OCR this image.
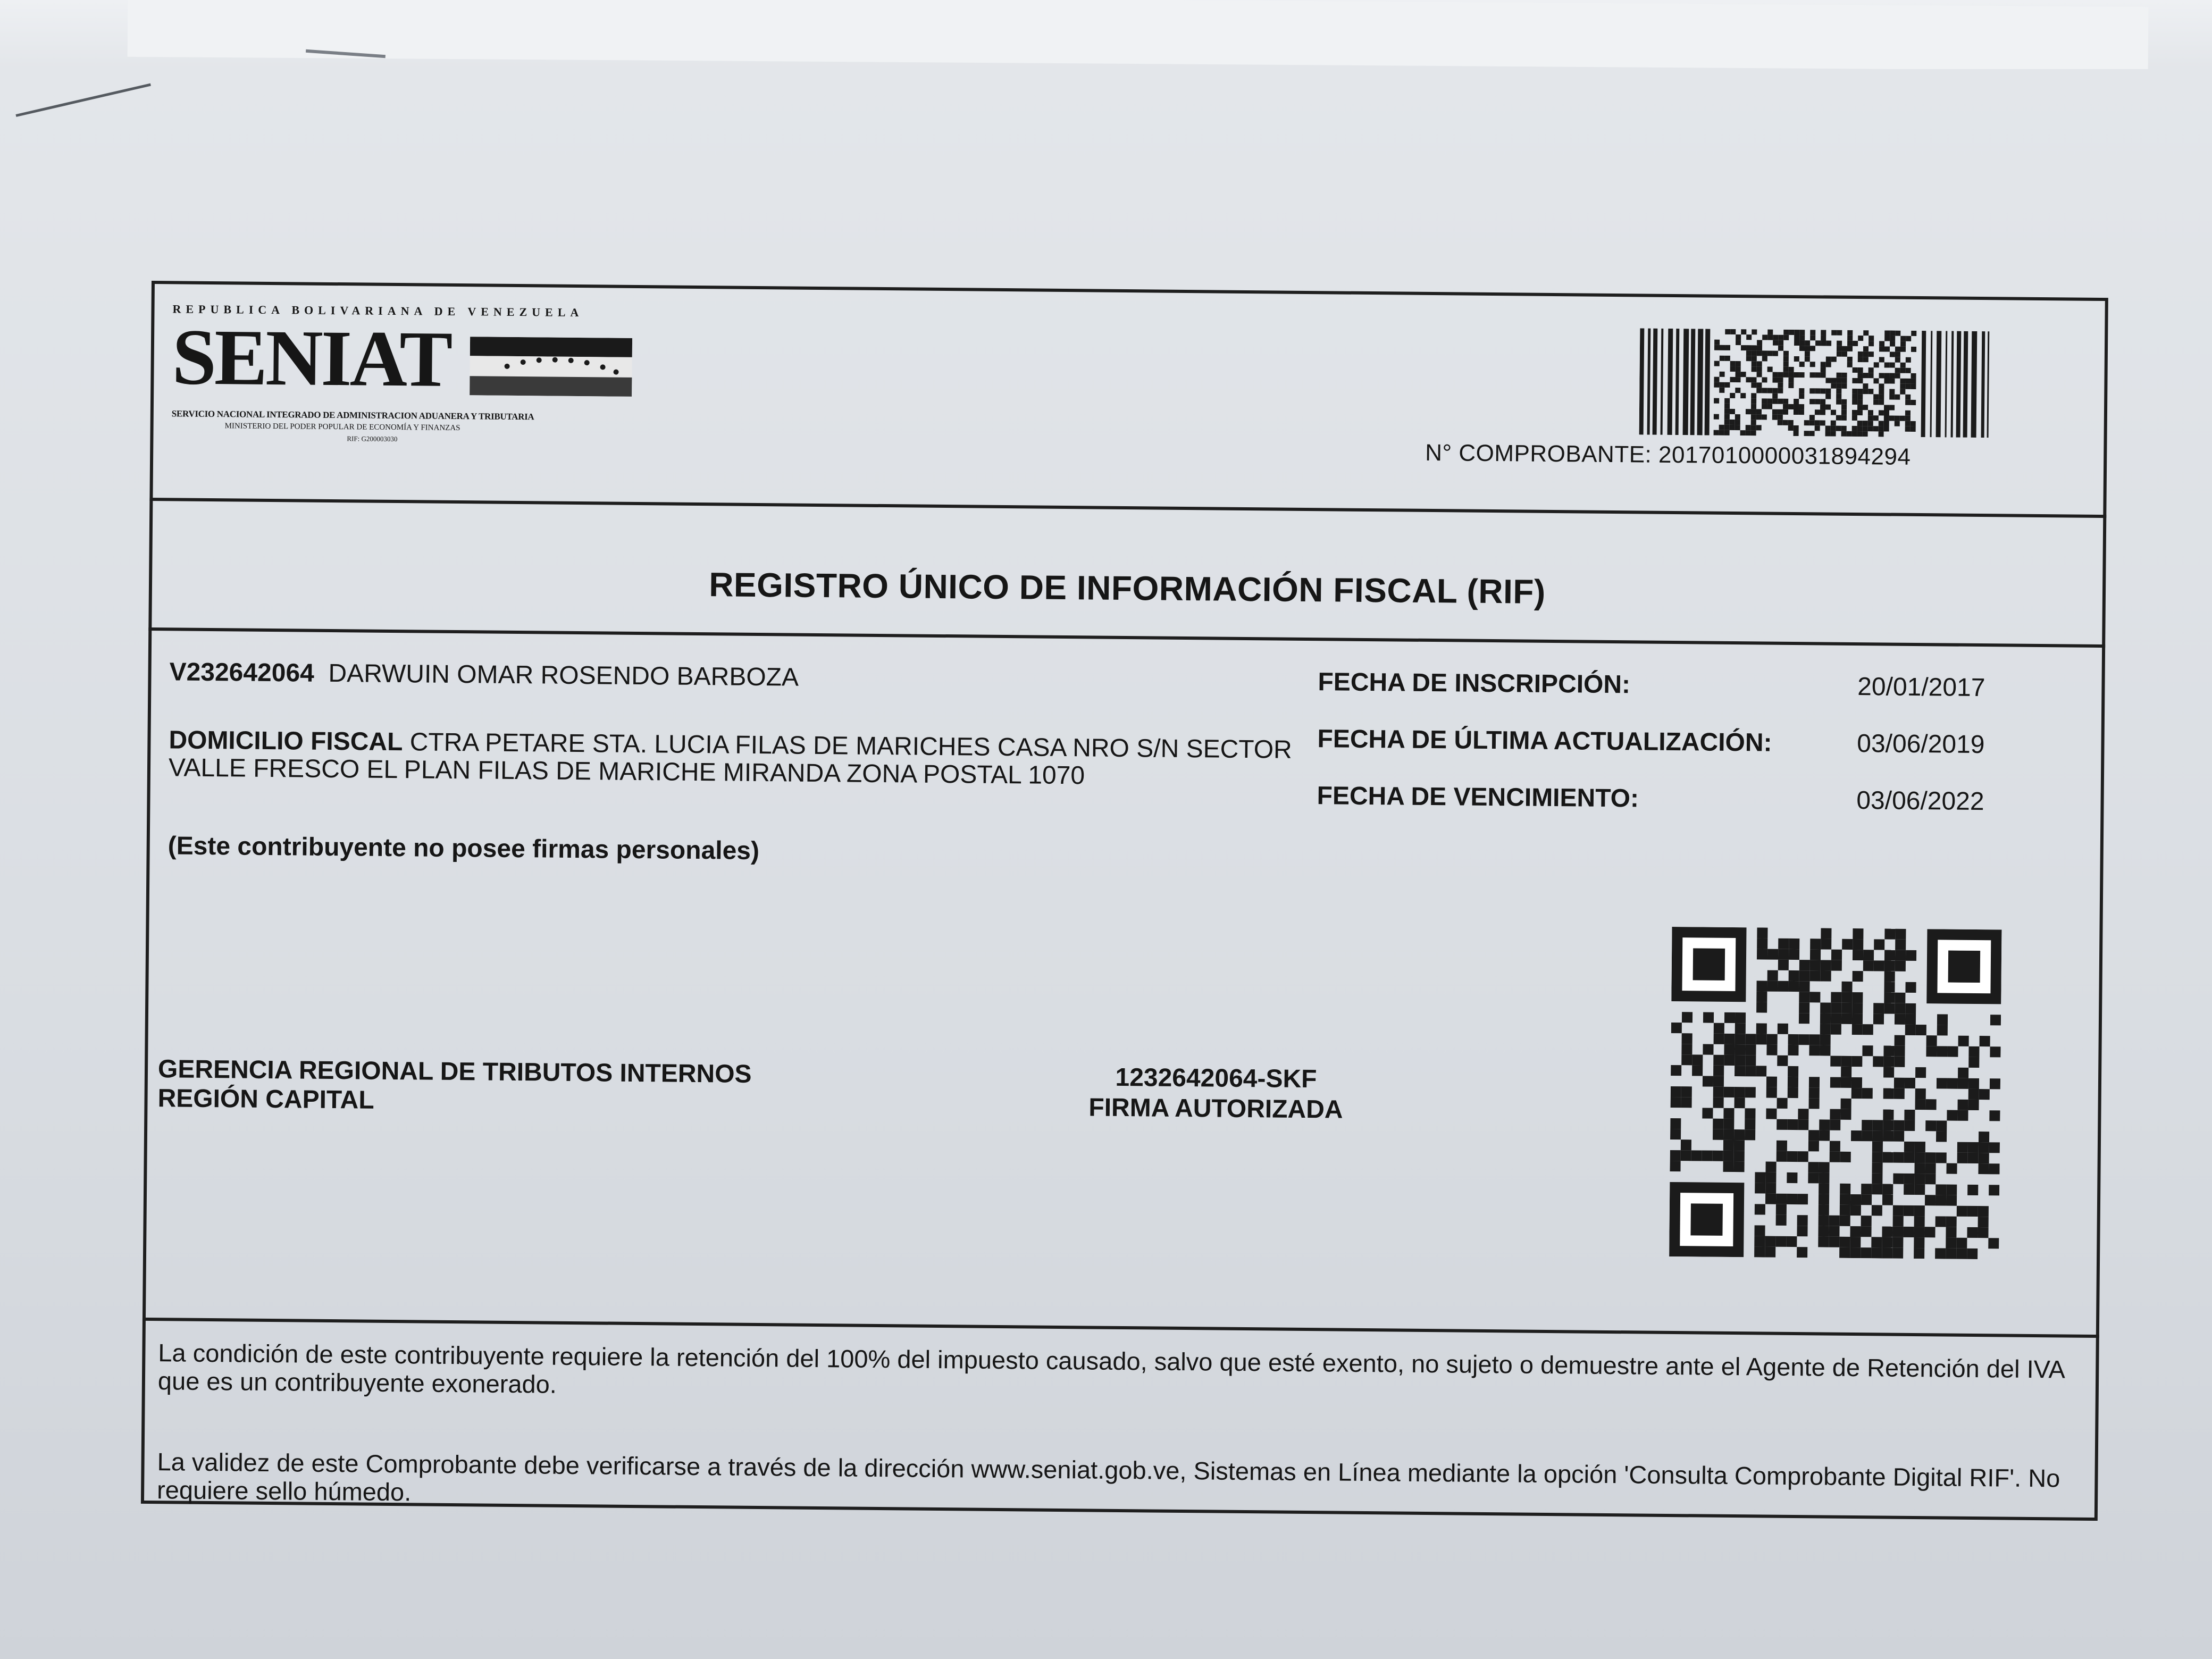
REPUBLICA BOLIVARIANA DE VENEZUELA
SENIAT
SERVICIO NACIONAL INTEGRADO DE ADMINISTRACION ADUANERA Y TRIBUTARIA
MINISTERIO DEL PODER POPULAR DE ECONOMÍA Y FINANZAS
RIF: G200003030
N° COMPROBANTE: 2017010000031894294
REGISTRO ÚNICO DE INFORMACIÓN FISCAL (RIF)
V232642064 DARWUIN OMAR ROSENDO BARBOZA
DOMICILIO FISCAL CTRA PETARE STA. LUCIA FILAS DE MARICHES CASA NRO S/N SECTOR VALLE FRESCO EL PLAN FILAS DE MARICHE MIRANDA ZONA POSTAL 1070
(Este contribuyente no posee firmas personales)
FECHA DE INSCRIPCIÓN:	20/01/2017
FECHA DE ÚLTIMA ACTUALIZACIÓN:	03/06/2019
FECHA DE VENCIMIENTO:	03/06/2022
GERENCIA REGIONAL DE TRIBUTOS INTERNOS
REGIÓN CAPITAL
1232642064-SKF
FIRMA AUTORIZADA
La condición de este contribuyente requiere la retención del 100% del impuesto causado, salvo que esté exento, no sujeto o demuestre ante el Agente de Retención del IVA que es un contribuyente exonerado.
La validez de este Comprobante debe verificarse a través de la dirección www.seniat.gob.ve, Sistemas en Línea mediante la opción 'Consulta Comprobante Digital RIF'. No requiere sello húmedo.
